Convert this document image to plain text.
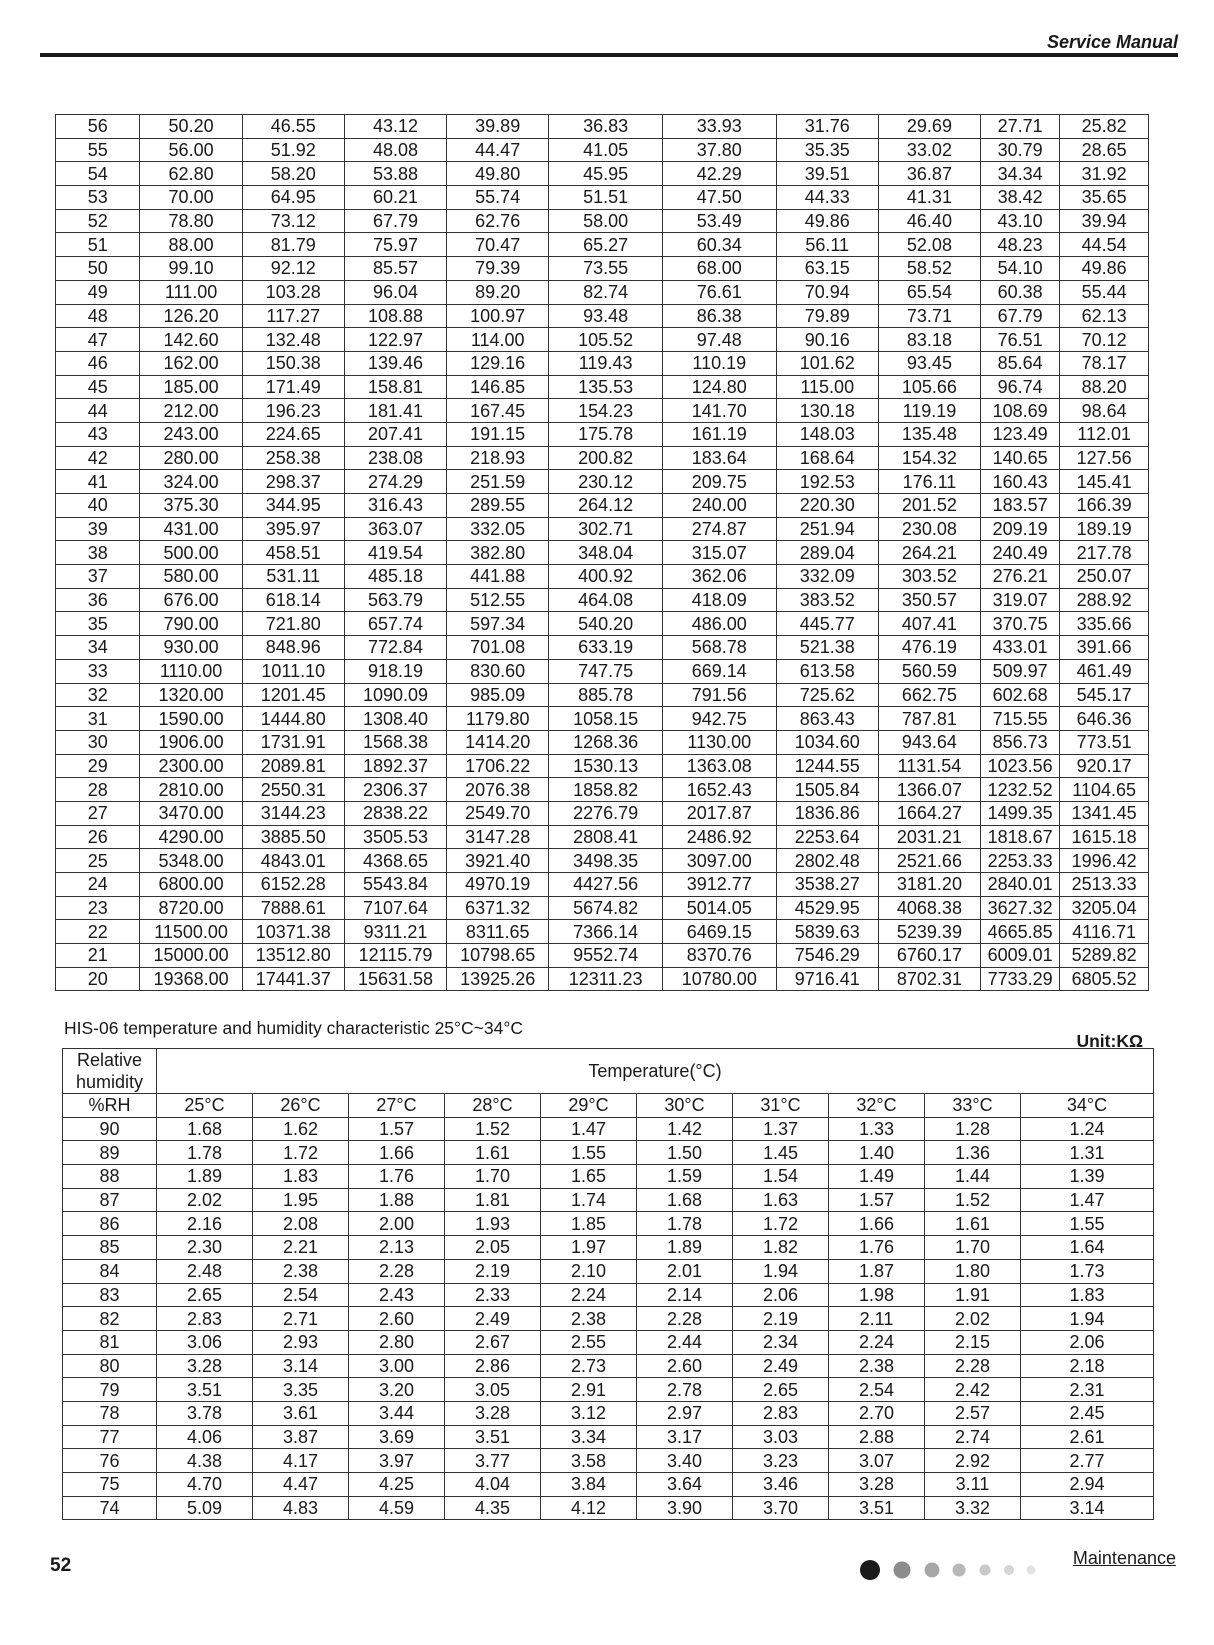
Service Manual
56	50.20	46.55	43.12	39.89	36.83	33.93	31.76	29.69	27.71	25.82
55	56.00	51.92	48.08	44.47	41.05	37.80	35.35	33.02	30.79	28.65
54	62.80	58.20	53.88	49.80	45.95	42.29	39.51	36.87	34.34	31.92
53	70.00	64.95	60.21	55.74	51.51	47.50	44.33	41.31	38.42	35.65
52	78.80	73.12	67.79	62.76	58.00	53.49	49.86	46.40	43.10	39.94
51	88.00	81.79	75.97	70.47	65.27	60.34	56.11	52.08	48.23	44.54
50	99.10	92.12	85.57	79.39	73.55	68.00	63.15	58.52	54.10	49.86
49	111.00	103.28	96.04	89.20	82.74	76.61	70.94	65.54	60.38	55.44
48	126.20	117.27	108.88	100.97	93.48	86.38	79.89	73.71	67.79	62.13
47	142.60	132.48	122.97	114.00	105.52	97.48	90.16	83.18	76.51	70.12
46	162.00	150.38	139.46	129.16	119.43	110.19	101.62	93.45	85.64	78.17
45	185.00	171.49	158.81	146.85	135.53	124.80	115.00	105.66	96.74	88.20
44	212.00	196.23	181.41	167.45	154.23	141.70	130.18	119.19	108.69	98.64
43	243.00	224.65	207.41	191.15	175.78	161.19	148.03	135.48	123.49	112.01
42	280.00	258.38	238.08	218.93	200.82	183.64	168.64	154.32	140.65	127.56
41	324.00	298.37	274.29	251.59	230.12	209.75	192.53	176.11	160.43	145.41
40	375.30	344.95	316.43	289.55	264.12	240.00	220.30	201.52	183.57	166.39
39	431.00	395.97	363.07	332.05	302.71	274.87	251.94	230.08	209.19	189.19
38	500.00	458.51	419.54	382.80	348.04	315.07	289.04	264.21	240.49	217.78
37	580.00	531.11	485.18	441.88	400.92	362.06	332.09	303.52	276.21	250.07
36	676.00	618.14	563.79	512.55	464.08	418.09	383.52	350.57	319.07	288.92
35	790.00	721.80	657.74	597.34	540.20	486.00	445.77	407.41	370.75	335.66
34	930.00	848.96	772.84	701.08	633.19	568.78	521.38	476.19	433.01	391.66
33	1110.00	1011.10	918.19	830.60	747.75	669.14	613.58	560.59	509.97	461.49
32	1320.00	1201.45	1090.09	985.09	885.78	791.56	725.62	662.75	602.68	545.17
31	1590.00	1444.80	1308.40	1179.80	1058.15	942.75	863.43	787.81	715.55	646.36
30	1906.00	1731.91	1568.38	1414.20	1268.36	1130.00	1034.60	943.64	856.73	773.51
29	2300.00	2089.81	1892.37	1706.22	1530.13	1363.08	1244.55	1131.54	1023.56	920.17
28	2810.00	2550.31	2306.37	2076.38	1858.82	1652.43	1505.84	1366.07	1232.52	1104.65
27	3470.00	3144.23	2838.22	2549.70	2276.79	2017.87	1836.86	1664.27	1499.35	1341.45
26	4290.00	3885.50	3505.53	3147.28	2808.41	2486.92	2253.64	2031.21	1818.67	1615.18
25	5348.00	4843.01	4368.65	3921.40	3498.35	3097.00	2802.48	2521.66	2253.33	1996.42
24	6800.00	6152.28	5543.84	4970.19	4427.56	3912.77	3538.27	3181.20	2840.01	2513.33
23	8720.00	7888.61	7107.64	6371.32	5674.82	5014.05	4529.95	4068.38	3627.32	3205.04
22	11500.00	10371.38	9311.21	8311.65	7366.14	6469.15	5839.63	5239.39	4665.85	4116.71
21	15000.00	13512.80	12115.79	10798.65	9552.74	8370.76	7546.29	6760.17	6009.01	5289.82
20	19368.00	17441.37	15631.58	13925.26	12311.23	10780.00	9716.41	8702.31	7733.29	6805.52
HIS-06 temperature and humidity characteristic 25°C~34°C
Unit:KΩ
Relative
humidity	Temperature(°C)									
%RH	25°C	26°C	27°C	28°C	29°C	30°C	31°C	32°C	33°C	34°C
90	1.68	1.62	1.57	1.52	1.47	1.42	1.37	1.33	1.28	1.24
89	1.78	1.72	1.66	1.61	1.55	1.50	1.45	1.40	1.36	1.31
88	1.89	1.83	1.76	1.70	1.65	1.59	1.54	1.49	1.44	1.39
87	2.02	1.95	1.88	1.81	1.74	1.68	1.63	1.57	1.52	1.47
86	2.16	2.08	2.00	1.93	1.85	1.78	1.72	1.66	1.61	1.55
85	2.30	2.21	2.13	2.05	1.97	1.89	1.82	1.76	1.70	1.64
84	2.48	2.38	2.28	2.19	2.10	2.01	1.94	1.87	1.80	1.73
83	2.65	2.54	2.43	2.33	2.24	2.14	2.06	1.98	1.91	1.83
82	2.83	2.71	2.60	2.49	2.38	2.28	2.19	2.11	2.02	1.94
81	3.06	2.93	2.80	2.67	2.55	2.44	2.34	2.24	2.15	2.06
80	3.28	3.14	3.00	2.86	2.73	2.60	2.49	2.38	2.28	2.18
79	3.51	3.35	3.20	3.05	2.91	2.78	2.65	2.54	2.42	2.31
78	3.78	3.61	3.44	3.28	3.12	2.97	2.83	2.70	2.57	2.45
77	4.06	3.87	3.69	3.51	3.34	3.17	3.03	2.88	2.74	2.61
76	4.38	4.17	3.97	3.77	3.58	3.40	3.23	3.07	2.92	2.77
75	4.70	4.47	4.25	4.04	3.84	3.64	3.46	3.28	3.11	2.94
74	5.09	4.83	4.59	4.35	4.12	3.90	3.70	3.51	3.32	3.14
52	Maintenance
